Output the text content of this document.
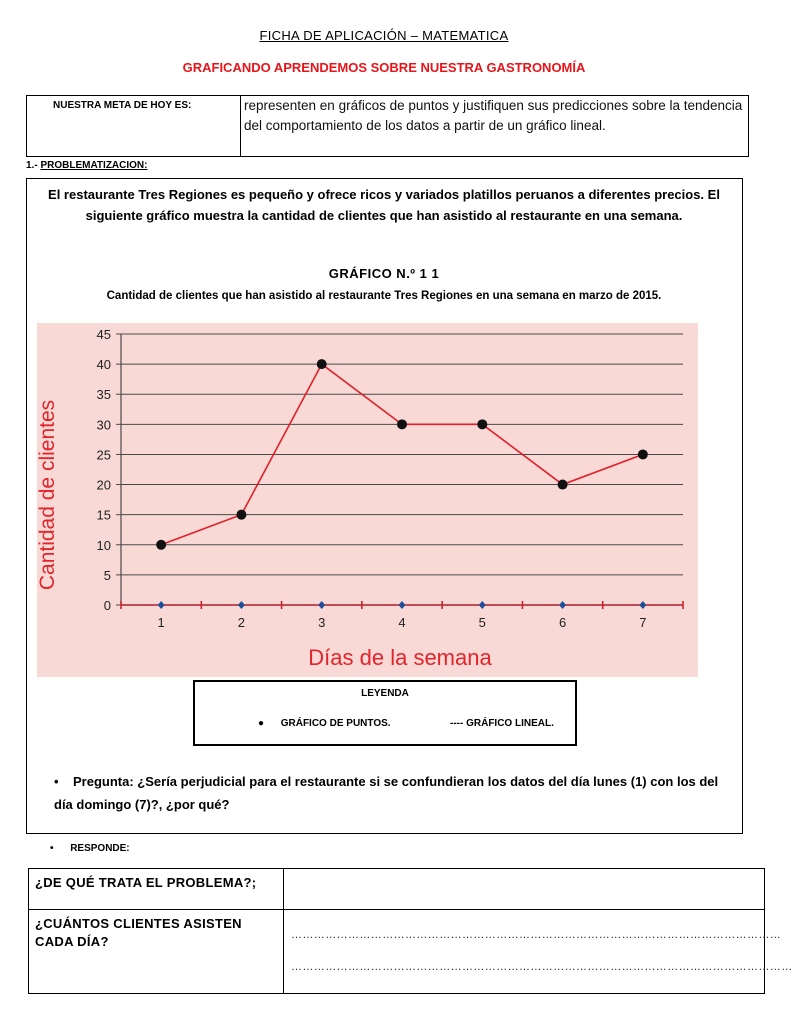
FICHA DE APLICACIÓN – MATEMATICA
GRAFICANDO APRENDEMOS SOBRE NUESTRA GASTRONOMÍA
NUESTRA META DE HOY ES:	representen en gráficos de puntos y justifiquen sus predicciones sobre la tendencia del comportamiento de los datos a partir de un gráfico lineal.
1.- PROBLEMATIZACION:
El restaurante Tres Regiones es pequeño y ofrece ricos y variados platillos peruanos a diferentes precios. El siguiente gráfico muestra la cantidad de clientes que han asistido al restaurante en una semana.
GRÁFICO N.º 1 1
Cantidad de clientes que han asistido al restaurante Tres Regiones en una semana en marzo de 2015.
0
5
10
15
20
25
30
35
40
45
1	2	3	4	5	6	7
Cantidad de clientes
Días de la semana
LEYENDA
● GRÁFICO DE PUNTOS.	---- GRÁFICO LINEAL.
• Pregunta: ¿Sería perjudicial para el restaurante si se confundieran los datos del día lunes (1) con los del día domingo (7)?, ¿por qué?
• RESPONDE:
¿DE QUÉ TRATA EL PROBLEMA?;
¿CUÁNTOS CLIENTES ASISTEN CADA DÍA?	…………………………………………………………………………………………………………………
……………………………………………………………………………………………………………………
